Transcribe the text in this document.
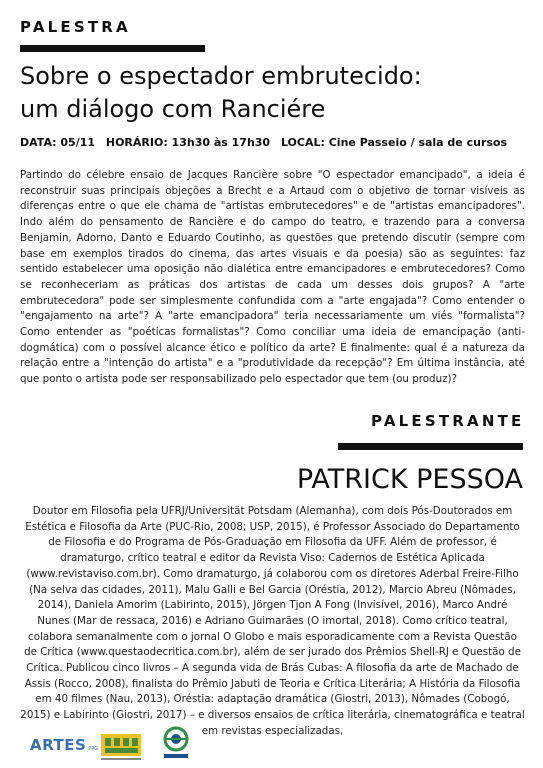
PALESTRA
Sobre o espectador embrutecido:
um diálogo com Ranciére
DATA: 05/11 HORÁRIO: 13h30 às 17h30 LOCAL: Cine Passeio / sala de cursos
Partindo do célebre ensaio de Jacques Rancière sobre "O espectador emancipado", a ideia é reconstruir suas principais objeções a Brecht e a Artaud com o objetivo de tornar visíveis as diferenças entre o que ele chama de "artistas embrutecedores" e de "artistas emancipadores". Indo além do pensamento de Rancière e do campo do teatro, e trazendo para a conversa Benjamin, Adorno, Danto e Eduardo Coutinho, as questões que pretendo discutir (sempre com base em exemplos tirados do cinema, das artes visuais e da poesia) são as seguintes: faz sentido estabelecer uma oposição não dialética entre emancipadores e embrutecedores? Como se reconheceriam as práticas dos artistas de cada um desses dois grupos? A "arte embrutecedora" pode ser simplesmente confundida com a "arte engajada"? Como entender o "engajamento na arte"? A "arte emancipadora" teria necessariamente um viés "formalista"? Como entender as "poéticas formalistas"? Como conciliar uma ideia de emancipação (anti-dogmática) com o possível alcance ético e político da arte? E finalmente: qual é a natureza da relação entre a "intenção do artista" e a "produtividade da recepção"? Em última instância, até que ponto o artista pode ser responsabilizado pelo espectador que tem (ou produz)?
PALESTRANTE
PATRICK PESSOA
Doutor em Filosofia pela UFRJ/Universität Potsdam (Alemanha), com dois Pós-Doutorados em Estética e Filosofia da Arte (PUC-Rio, 2008; USP, 2015), é Professor Associado do Departamento de Filosofia e do Programa de Pós-Graduação em Filosofia da UFF. Além de professor, é dramaturgo, crítico teatral e editor da Revista Viso: Cadernos de Estética Aplicada (www.revistaviso.com.br). Como dramaturgo, já colaborou com os diretores Aderbal Freire-Filho (Na selva das cidades, 2011), Malu Galli e Bel Garcia (Oréstia, 2012), Marcio Abreu (Nômades, 2014), Daniela Amorim (Labirinto, 2015), Jörgen Tjon A Fong (Invisível, 2016), Marco André Nunes (Mar de ressaca, 2016) e Adriano Guimarães (O imortal, 2018). Como crítico teatral, colabora semanalmente com o jornal O Globo e mais esporadicamente com a Revista Questão de Crítica (www.questaodecritica.com.br), além de ser jurado dos Prêmios Shell-RJ e Questão de Crítica. Publicou cinco livros – A segunda vida de Brás Cubas: A filosofia da arte de Machado de Assis (Rocco, 2008), finalista do Prêmio Jabuti de Teoria e Crítica Literária; A História da Filosofia em 40 filmes (Nau, 2013), Oréstia: adaptação dramática (Giostri, 2013), Nômades (Cobogó, 2015) e Labirinto (Giostri, 2017) – e diversos ensaios de crítica literária, cinematográfica e teatral em revistas especializadas,
ARTES PPG
